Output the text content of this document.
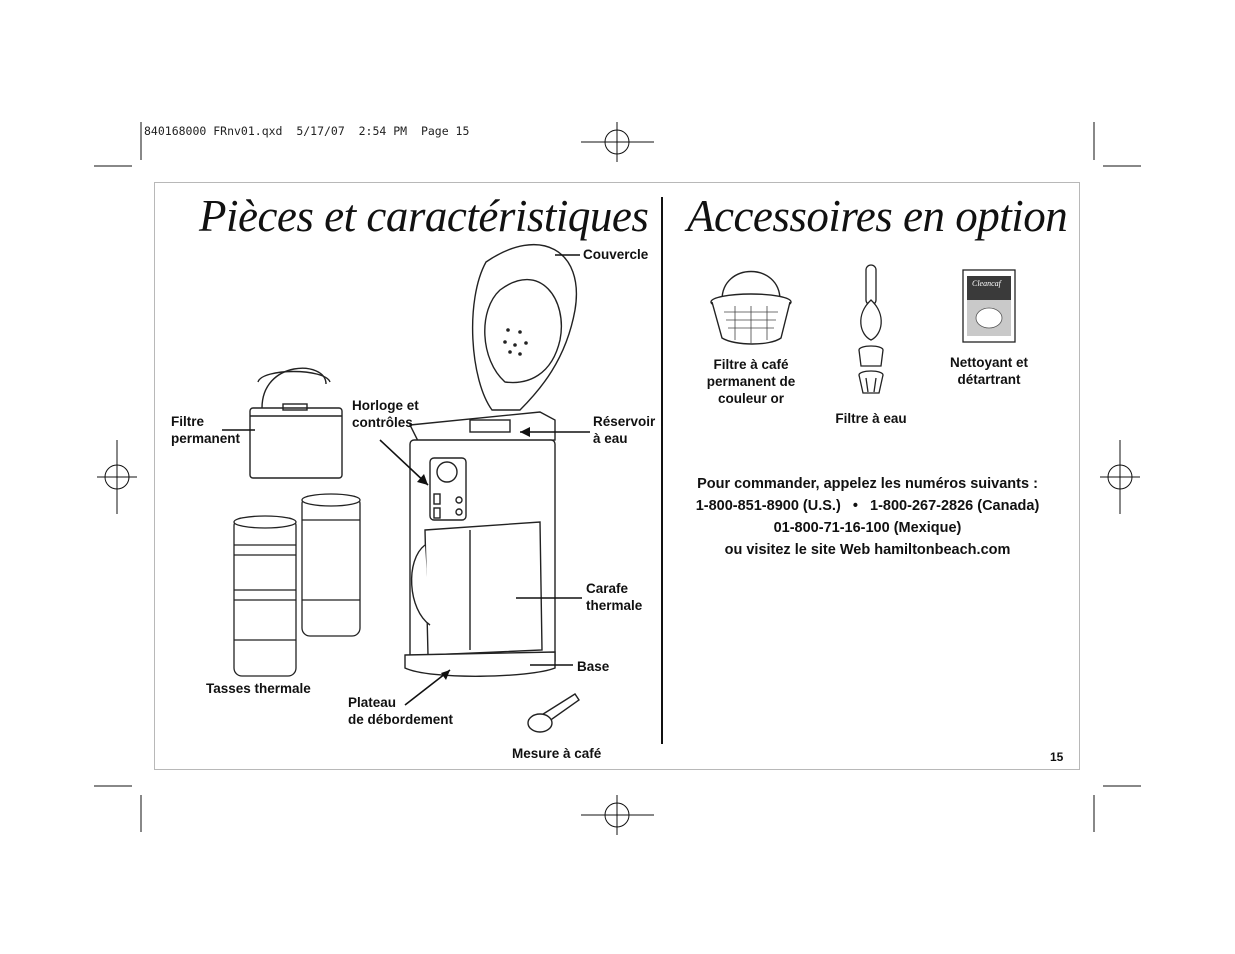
840168000 FRnv01.qxd  5/17/07  2:54 PM  Page 15
Pièces et caractéristiques Accessoires en option
Cleancaf
Couvercle
Horloge et
contrôles
Filtre
permanent
Réservoir
à eau
Carafe
thermale
Base
Tasses thermale
Plateau
de débordement
Mesure à café
Filtre à café
permanent de
couleur or
Filtre à eau
Nettoyant et
détartrant
Pour commander, appelez les numéros suivants :
1-800-851-8900 (U.S.)   •   1-800-267-2826 (Canada)
01-800-71-16-100 (Mexique)
ou visitez le site Web hamiltonbeach.com
15
